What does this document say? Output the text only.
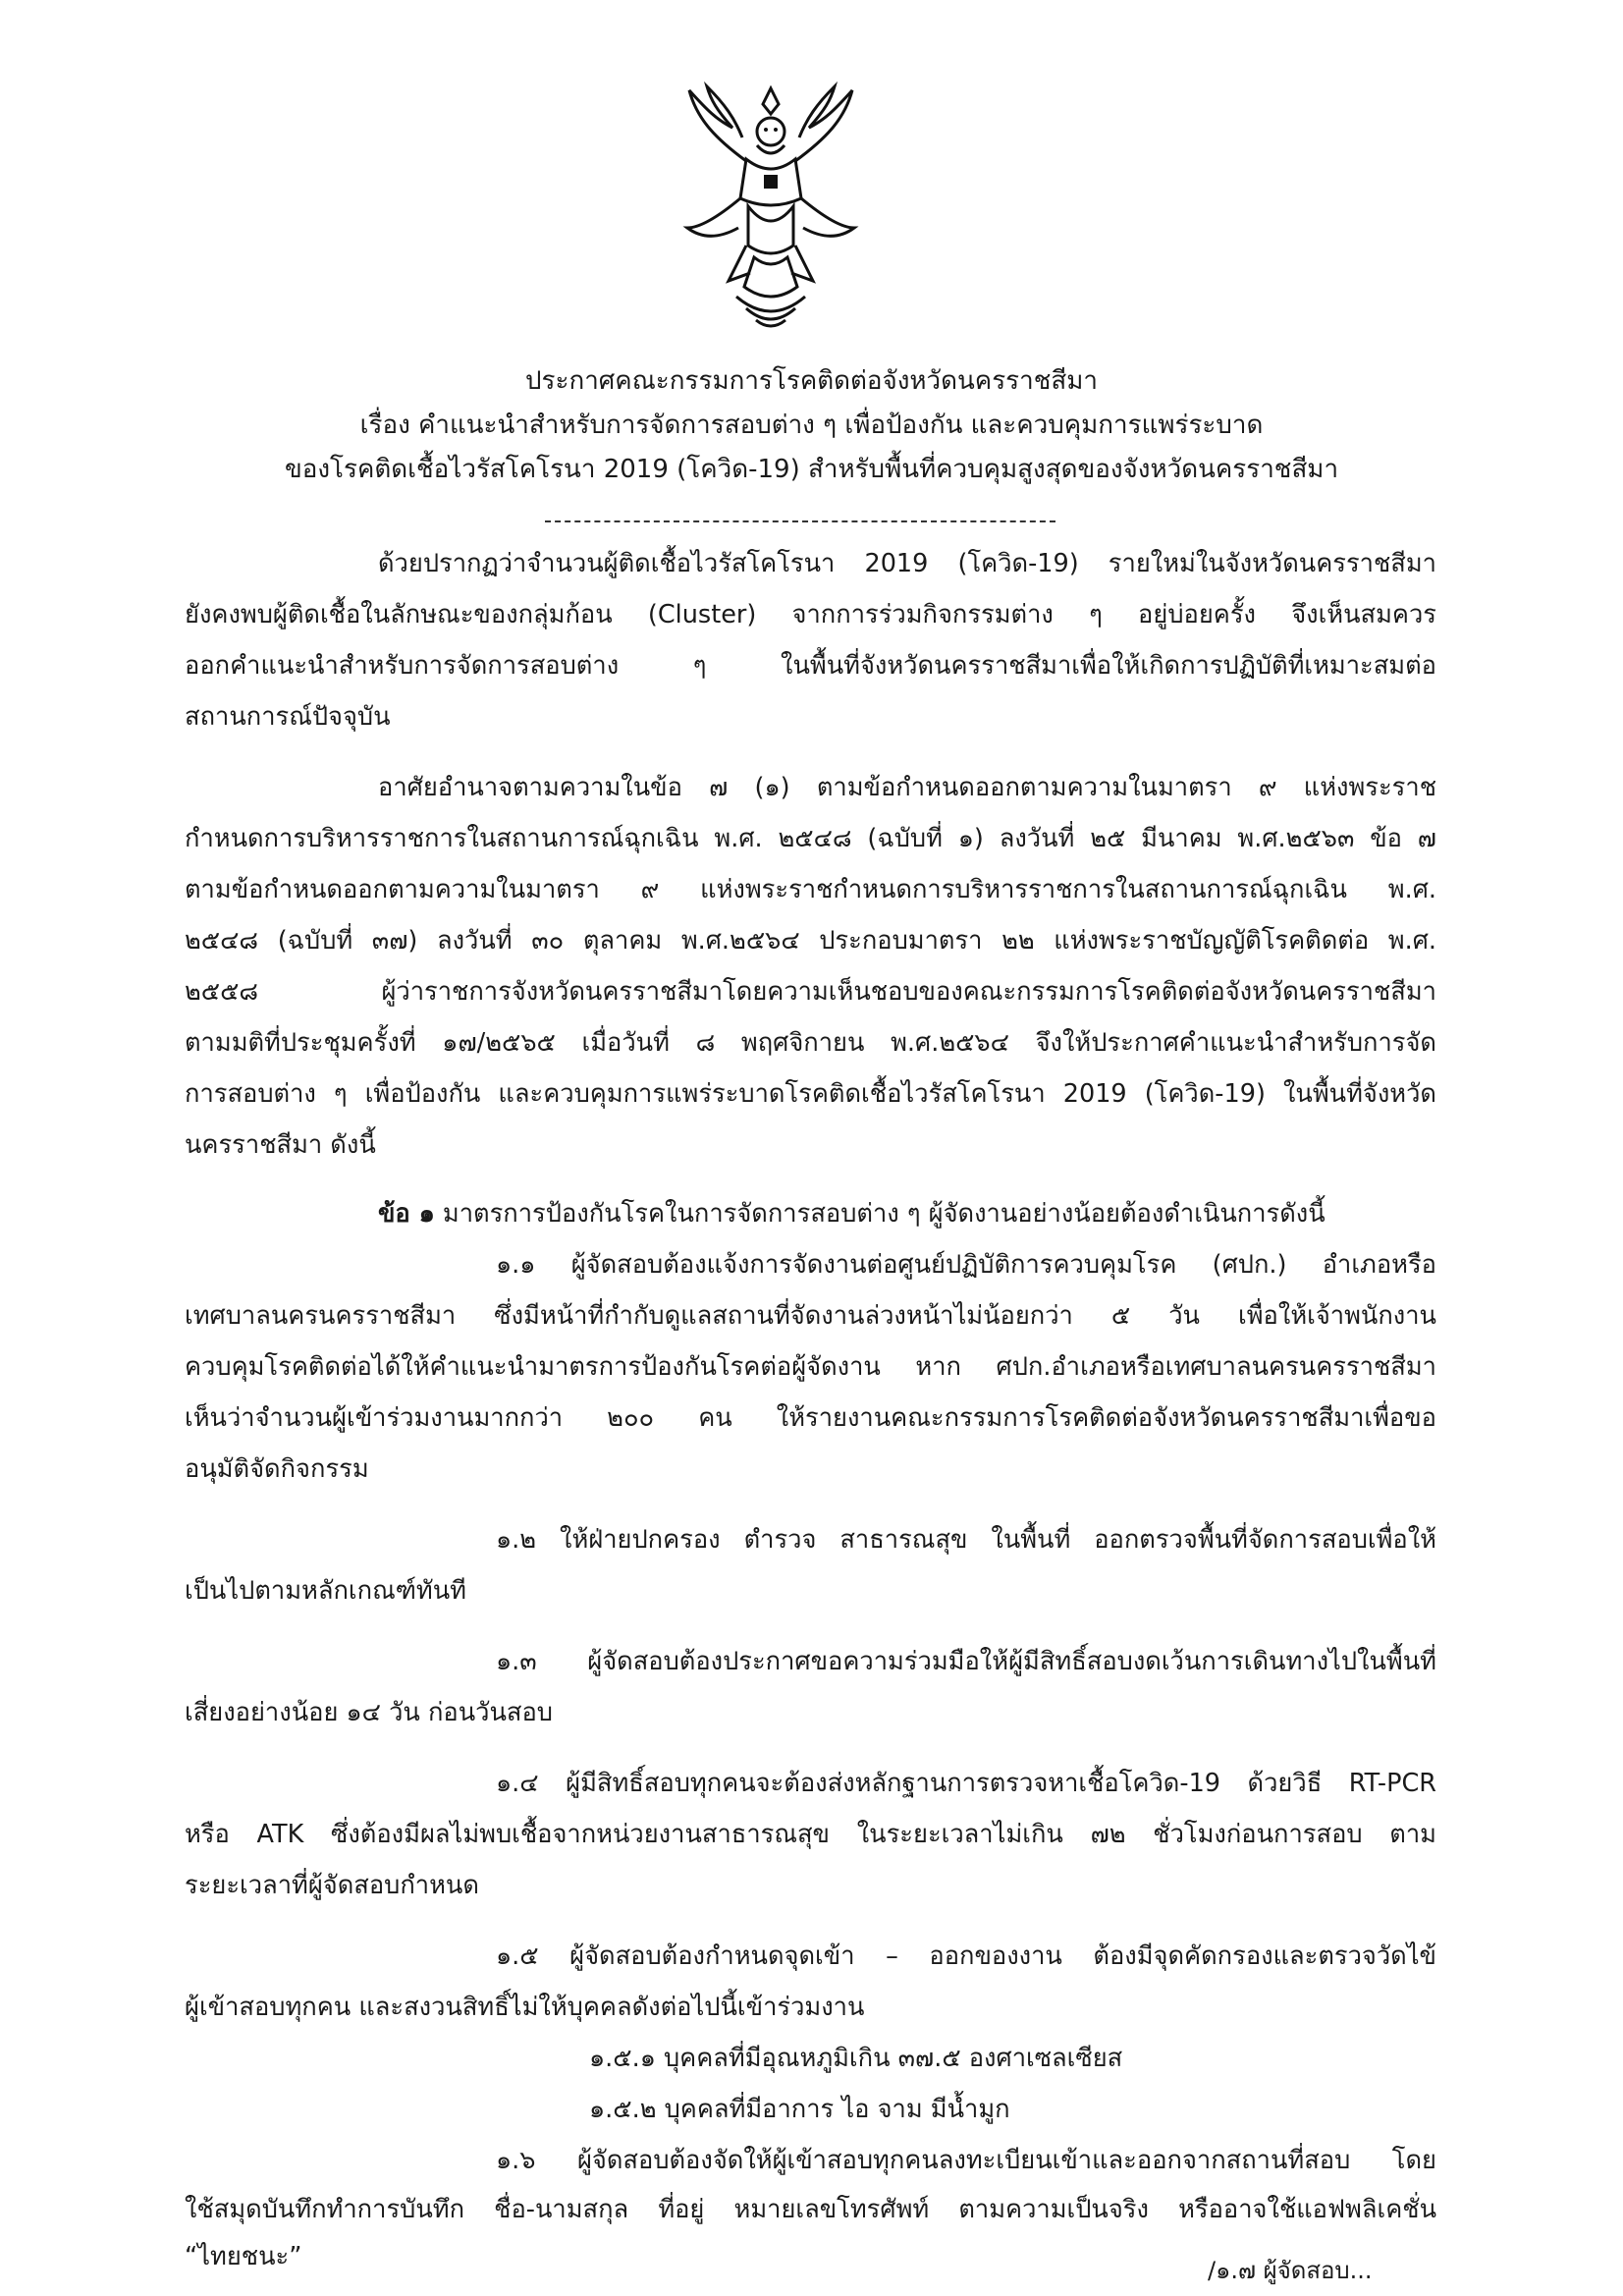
ประกาศคณะกรรมการโรคติดต่อจังหวัดนครราชสีมา
เรื่อง คำแนะนำสำหรับการจัดการสอบต่าง ๆ เพื่อป้องกัน และควบคุมการแพร่ระบาด
ของโรคติดเชื้อไวรัสโคโรนา 2019 (โควิด-19) สำหรับพื้นที่ควบคุมสูงสุดของจังหวัดนครราชสีมา
ด้วยปรากฏว่าจำนวนผู้ติดเชื้อไวรัสโคโรนา 2019 (โควิด-19) รายใหม่ในจังหวัดนครราชสีมา
ยังคงพบผู้ติดเชื้อในลักษณะของกลุ่มก้อน (Cluster) จากการร่วมกิจกรรมต่าง ๆ อยู่บ่อยครั้ง จึงเห็นสมควร
ออกคำแนะนำสำหรับการจัดการสอบต่าง ๆ ในพื้นที่จังหวัดนครราชสีมาเพื่อให้เกิดการปฏิบัติที่เหมาะสมต่อ
สถานการณ์ปัจจุบัน
อาศัยอำนาจตามความในข้อ ๗ (๑) ตามข้อกำหนดออกตามความในมาตรา ๙ แห่งพระราช
กำหนดการบริหารราชการในสถานการณ์ฉุกเฉิน พ.ศ. ๒๕๔๘ (ฉบับที่ ๑) ลงวันที่ ๒๕ มีนาคม พ.ศ.๒๕๖๓ ข้อ ๗
ตามข้อกำหนดออกตามความในมาตรา ๙ แห่งพระราชกำหนดการบริหารราชการในสถานการณ์ฉุกเฉิน พ.ศ.
๒๕๔๘ (ฉบับที่ ๓๗) ลงวันที่ ๓๐ ตุลาคม พ.ศ.๒๕๖๔ ประกอบมาตรา ๒๒ แห่งพระราชบัญญัติโรคติดต่อ พ.ศ.
๒๕๕๘ ผู้ว่าราชการจังหวัดนครราชสีมาโดยความเห็นชอบของคณะกรรมการโรคติดต่อจังหวัดนครราชสีมา
ตามมติที่ประชุมครั้งที่ ๑๗/๒๕๖๕ เมื่อวันที่ ๘ พฤศจิกายน พ.ศ.๒๕๖๔ จึงให้ประกาศคำแนะนำสำหรับการจัด
การสอบต่าง ๆ เพื่อป้องกัน และควบคุมการแพร่ระบาดโรคติดเชื้อไวรัสโคโรนา 2019 (โควิด-19) ในพื้นที่จังหวัด
นครราชสีมา ดังนี้
ข้อ ๑ มาตรการป้องกันโรคในการจัดการสอบต่าง ๆ ผู้จัดงานอย่างน้อยต้องดำเนินการดังนี้
๑.๑ ผู้จัดสอบต้องแจ้งการจัดงานต่อศูนย์ปฏิบัติการควบคุมโรค (ศปก.) อำเภอหรือ
เทศบาลนครนครราชสีมา ซึ่งมีหน้าที่กำกับดูแลสถานที่จัดงานล่วงหน้าไม่น้อยกว่า ๕ วัน เพื่อให้เจ้าพนักงาน
ควบคุมโรคติดต่อได้ให้คำแนะนำมาตรการป้องกันโรคต่อผู้จัดงาน หาก ศปก.อำเภอหรือเทศบาลนครนครราชสีมา
เห็นว่าจำนวนผู้เข้าร่วมงานมากกว่า ๒๐๐ คน ให้รายงานคณะกรรมการโรคติดต่อจังหวัดนครราชสีมาเพื่อขอ
อนุมัติจัดกิจกรรม
๑.๒ ให้ฝ่ายปกครอง ตำรวจ สาธารณสุข ในพื้นที่ ออกตรวจพื้นที่จัดการสอบเพื่อให้
เป็นไปตามหลักเกณฑ์ทันที
๑.๓ ผู้จัดสอบต้องประกาศขอความร่วมมือให้ผู้มีสิทธิ์สอบงดเว้นการเดินทางไปในพื้นที่
เสี่ยงอย่างน้อย ๑๔ วัน ก่อนวันสอบ
๑.๔ ผู้มีสิทธิ์สอบทุกคนจะต้องส่งหลักฐานการตรวจหาเชื้อโควิด-19 ด้วยวิธี RT-PCR
หรือ ATK ซึ่งต้องมีผลไม่พบเชื้อจากหน่วยงานสาธารณสุข ในระยะเวลาไม่เกิน ๗๒ ชั่วโมงก่อนการสอบ ตาม
ระยะเวลาที่ผู้จัดสอบกำหนด
๑.๕ ผู้จัดสอบต้องกำหนดจุดเข้า – ออกของงาน ต้องมีจุดคัดกรองและตรวจวัดไข้
ผู้เข้าสอบทุกคน และสงวนสิทธิ์ไม่ให้บุคคลดังต่อไปนี้เข้าร่วมงาน
๑.๕.๑ บุคคลที่มีอุณหภูมิเกิน ๓๗.๕ องศาเซลเซียส
๑.๕.๒ บุคคลที่มีอาการ ไอ จาม มีน้ำมูก
๑.๖ ผู้จัดสอบต้องจัดให้ผู้เข้าสอบทุกคนลงทะเบียนเข้าและออกจากสถานที่สอบ โดย
ใช้สมุดบันทึกทำการบันทึก ชื่อ-นามสกุล ที่อยู่ หมายเลขโทรศัพท์ ตามความเป็นจริง หรืออาจใช้แอฟพลิเคชั่น
“ไทยชนะ”	/๑.๗ ผู้จัดสอบ...
